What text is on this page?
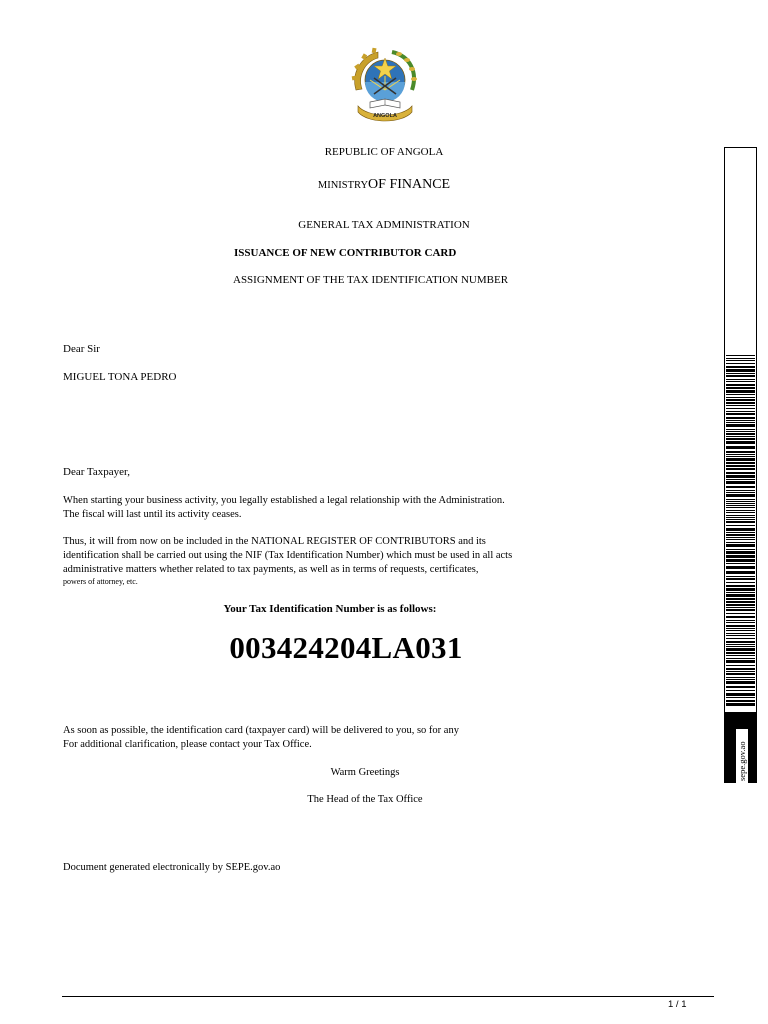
ANGOLA
REPUBLIC OF ANGOLA
MINISTRYOF FINANCE
GENERAL TAX ADMINISTRATION
ISSUANCE OF NEW CONTRIBUTOR CARD
ASSIGNMENT OF THE TAX IDENTIFICATION NUMBER
Dear Sir
MIGUEL TONA PEDRO
Dear Taxpayer,
When starting your business activity, you legally established a legal relationship with the Administration.
The fiscal will last until its activity ceases.
Thus, it will from now on be included in the NATIONAL REGISTER OF CONTRIBUTORS and its
identification shall be carried out using the NIF (Tax Identification Number) which must be used in all acts
administrative matters whether related to tax payments, as well as in terms of requests, certificates,
powers of attorney, etc.
Your Tax Identification Number is as follows:
003424204LA031
As soon as possible, the identification card (taxpayer card) will be delivered to you, so for any
For additional clarification, please contact your Tax Office.
Warm Greetings
The Head of the Tax Office
Document generated electronically by SEPE.gov.ao
sepe.gov.ao
1 / 1
